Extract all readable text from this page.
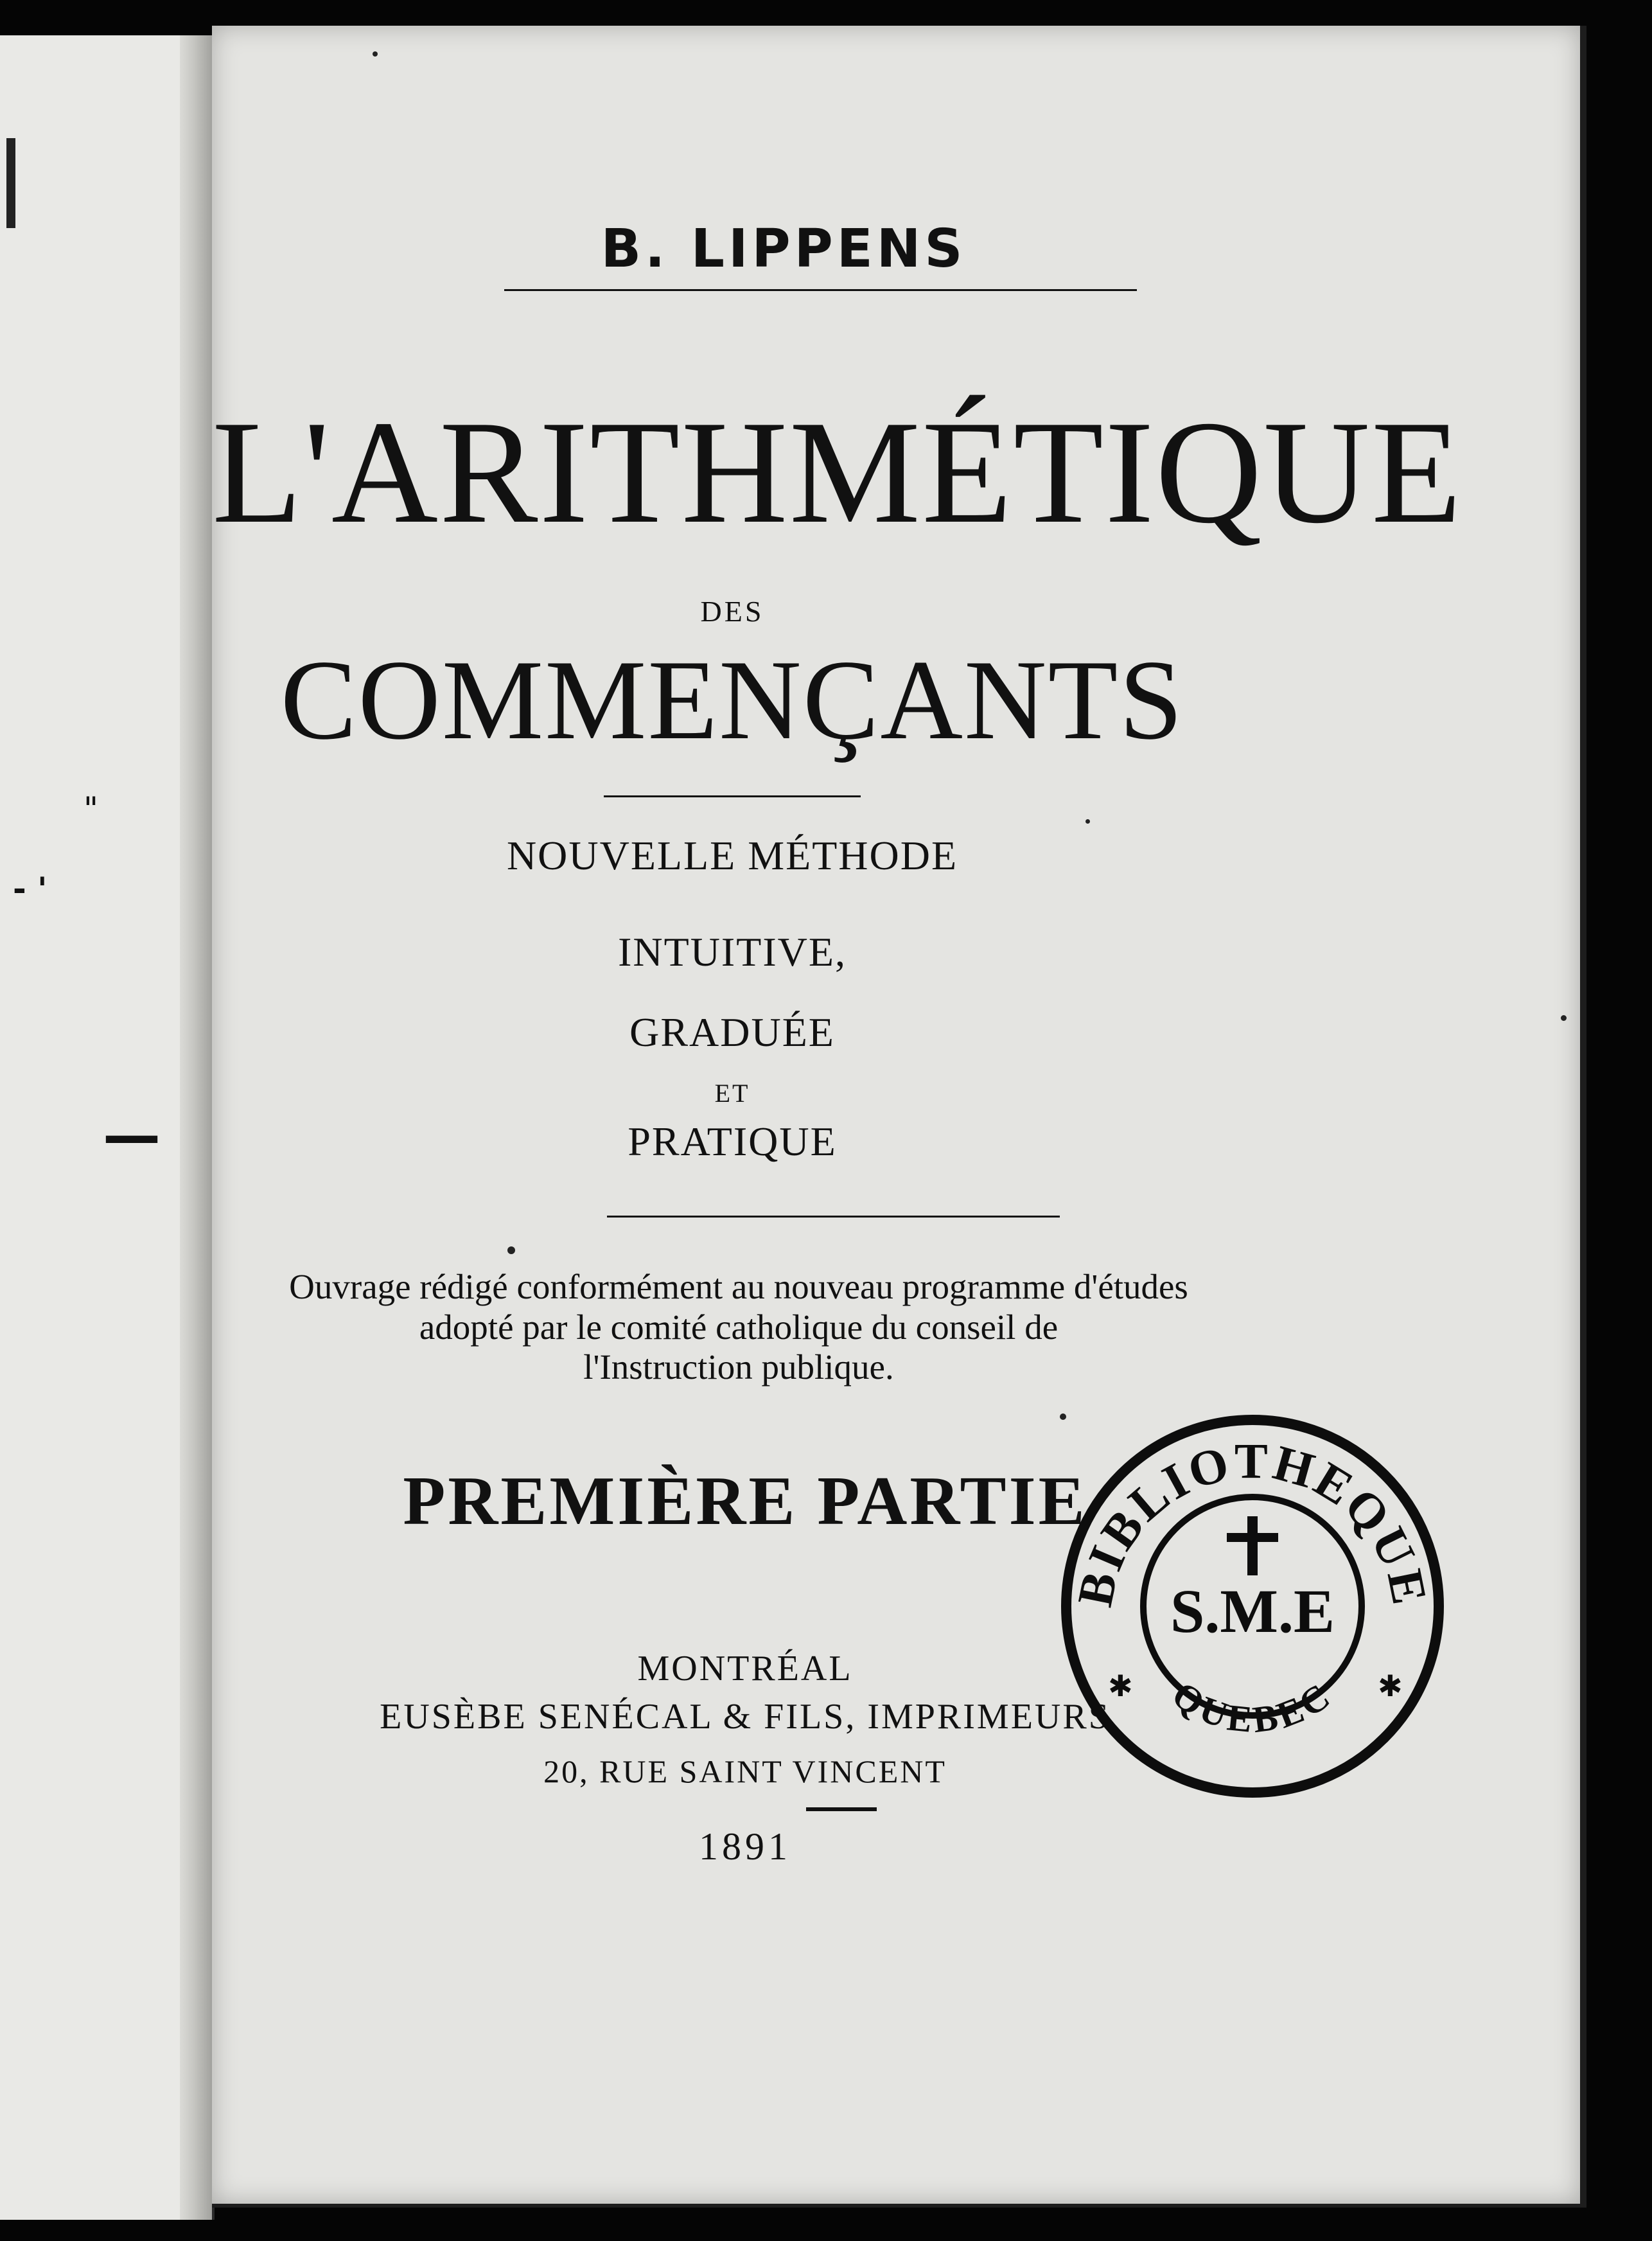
"
- '
—
B. LIPPENS
L'ARITHMÉTIQUE
DES
COMMENÇANTS
NOUVELLE MÉTHODE
INTUITIVE,
GRADUÉE
ET
PRATIQUE
Ouvrage rédigé conformément au nouveau programme d'études
adopté par le comité catholique du conseil de
l'Instruction publique.
PREMIÈRE PARTIE
MONTRÉAL
EUSÈBE SENÉCAL & FILS, IMPRIMEURS
20, RUE SAINT VINCENT
1891
BIBLIOTHEQUE
QUEBEC
✱	✱
S.M.E
